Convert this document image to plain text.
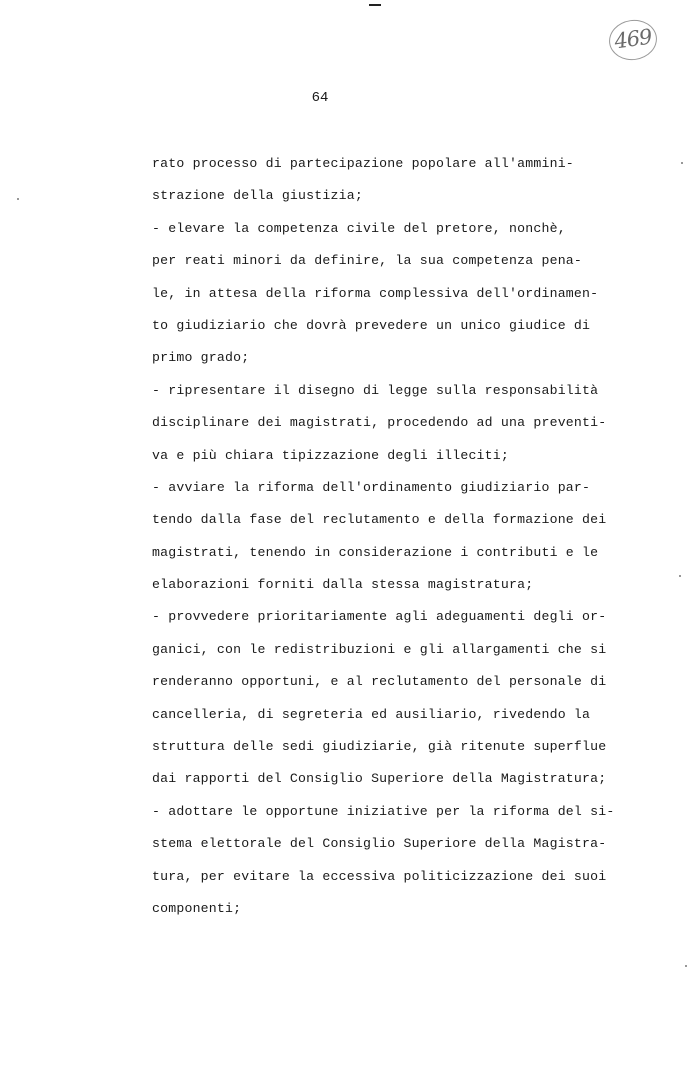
469
64
rato processo di partecipazione popolare all'ammini-
strazione della giustizia;
- elevare la competenza civile del pretore, nonchè,
per reati minori da definire, la sua competenza pena-
le, in attesa della riforma complessiva dell'ordinamen-
to giudiziario che dovrà prevedere un unico giudice di
primo grado;
- ripresentare il disegno di legge sulla responsabilità
disciplinare dei magistrati, procedendo ad una preventi-
va e più chiara tipizzazione degli illeciti;
- avviare la riforma dell'ordinamento giudiziario par-
tendo dalla fase del reclutamento e della formazione dei
magistrati, tenendo in considerazione i contributi e le
elaborazioni forniti dalla stessa magistratura;
- provvedere prioritariamente agli adeguamenti degli or-
ganici, con le redistribuzioni e gli allargamenti che si
renderanno opportuni, e al reclutamento del personale di
cancelleria, di segreteria ed ausiliario, rivedendo la
struttura delle sedi giudiziarie, già ritenute superflue
dai rapporti del Consiglio Superiore della Magistratura;
- adottare le opportune iniziative per la riforma del si-
stema elettorale del Consiglio Superiore della Magistra-
tura, per evitare la eccessiva politicizzazione dei suoi
componenti;
